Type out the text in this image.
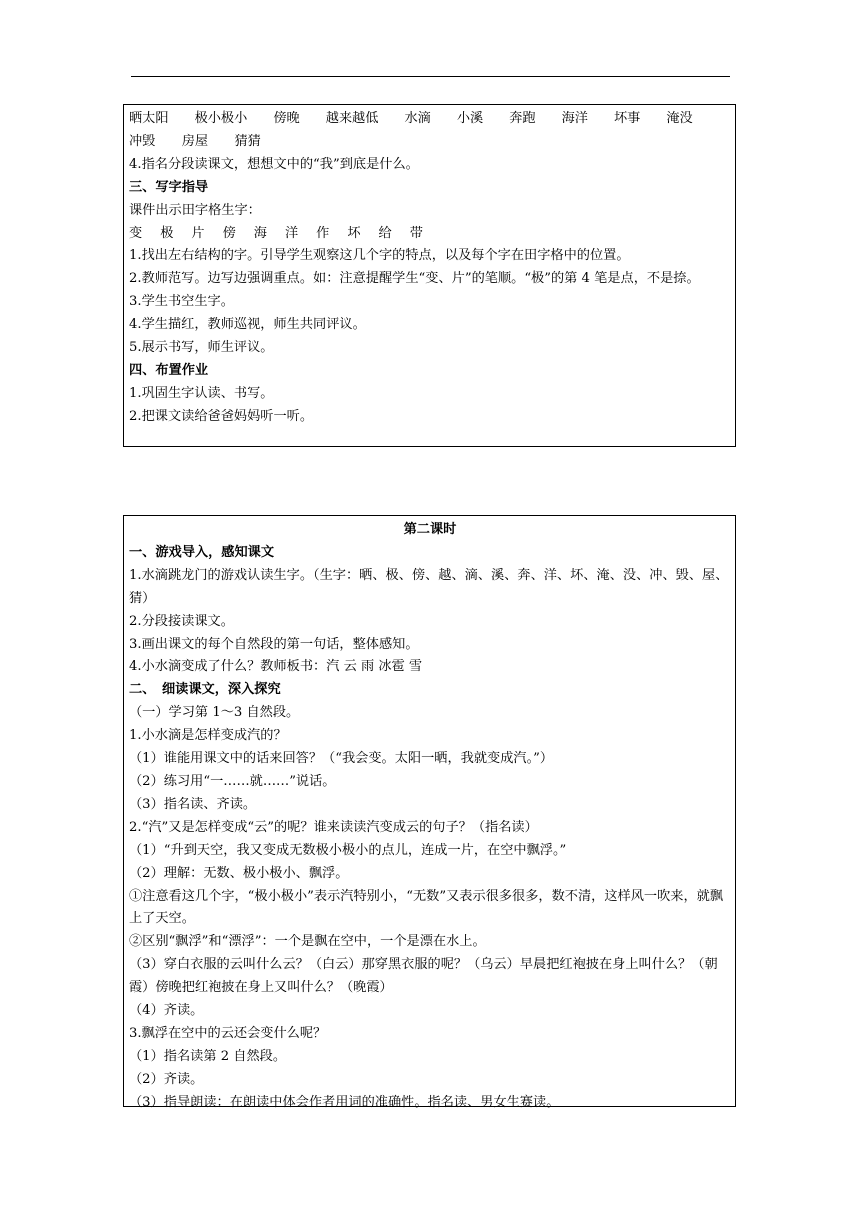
晒太阳 极小极小 傍晚 越来越低 水滴 小溪 奔跑 海洋 坏事 淹没
冲毁　　房屋　　猜猜
4.指名分段读课文，想想文中的“我”到底是什么。
三、写字指导
课件出示田字格生字：
变 极 片 傍 海 洋 作 坏 给 带
1.找出左右结构的字。引导学生观察这几个字的特点，以及每个字在田字格中的位置。
2.教师范写。边写边强调重点。如：注意提醒学生“变、片”的笔顺。“极”的第 4 笔是点，不是捺。
3.学生书空生字。
4.学生描红，教师巡视，师生共同评议。
5.展示书写，师生评议。
四、布置作业
1.巩固生字认读、书写。
2.把课文读给爸爸妈妈听一听。
第二课时
一、游戏导入，感知课文
1.水滴跳龙门的游戏认读生字。（生字：晒、极、傍、越、滴、溪、奔、洋、坏、淹、没、冲、毁、屋、猜）
2.分段接读课文。
3.画出课文的每个自然段的第一句话，整体感知。
4.小水滴变成了什么？教师板书：汽 云 雨 冰雹 雪
二、　细读课文，深入探究
（一）学习第 1～3 自然段。
1.小水滴是怎样变成汽的？
（1）谁能用课文中的话来回答？（“我会变。太阳一晒，我就变成汽。”）
（2）练习用“一……就……”说话。
（3）指名读、齐读。
2.“汽”又是怎样变成“云”的呢？谁来读读汽变成云的句子？（指名读）
（1）“升到天空，我又变成无数极小极小的点儿，连成一片，在空中飘浮。”
（2）理解：无数、极小极小、飘浮。
①注意看这几个字，“极小极小”表示汽特别小，“无数”又表示很多很多，数不清，这样风一吹来，就飘上了天空。
②区别“飘浮”和“漂浮”：一个是飘在空中，一个是漂在水上。
（3）穿白衣服的云叫什么云？（白云）那穿黑衣服的呢？（乌云）早晨把红袍披在身上叫什么？（朝霞）傍晚把红袍披在身上又叫什么？（晚霞）
（4）齐读。
3.飘浮在空中的云还会变什么呢？
（1）指名读第 2 自然段。
（2）齐读。
（3）指导朗读：在朗读中体会作者用词的准确性。指名读、男女生赛读。
